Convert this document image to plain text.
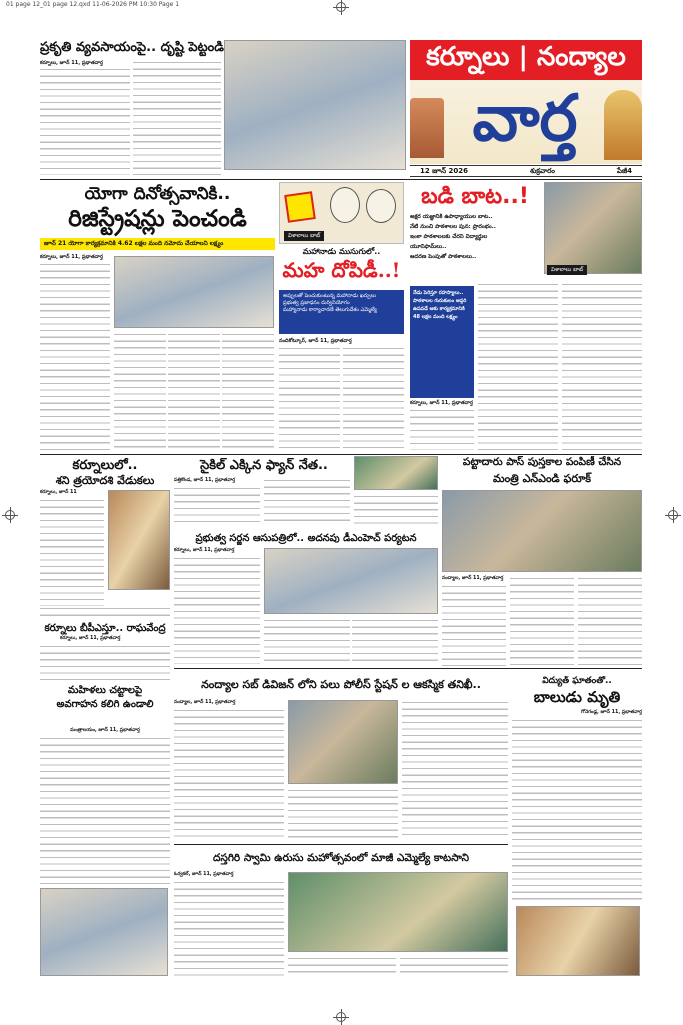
01 page 12_01 page 12.qxd 11-06-2026 PM 10:30 Page 1
ప్రకృతి వ్యవసాయంపై.. దృష్టి పెట్టండి
కర్నూలు, జూన్ 11, ప్రభాతవార్త	కర్నూలు | నంద్యాల
వార్త
12 జూన్ 2026	శుక్రవారం	పేజీ4
యోగా దినోత్సవానికి..
రిజిస్ట్రేషన్లు పెంచండి
జూన్ 21 యోగా కార్యక్రమానికి 4.62 లక్షల మంది నమోదు చేయాలని లక్ష్యం
కర్నూలు, జూన్ 11, ప్రభాతవార్త
విశాలాలు బాట్
మహానాడు ముసుగులో..
మహ దోపిడీ..!
అప్పులతో పెంచుకుంటున్న మహానాడు ఖర్చులు
ప్రభుత్వ ప్రజాధనం దుర్వినియోగం
మహ్యానాడు కార్యాచారణే తెలుగుదేశం ఎమ్మెల్యే
నందికోట్కూర్, జూన్ 11, ప్రభాతవార్త
బడి బాట..!
విశాలాలు బాట్
అక్షర యజ్ఞానికి ఉపాధ్యాయుల బాట..
నేటి నుంచి పాఠశాలల పున: ప్రారంభం..
ఇంకా పాఠశాలలకు చేరని విద్యార్థుల
యూనిఫామ్‌లు..
ఆదరణ పెంపుతో పాఠశాలలు..
నేడు పెరిస్తూ రహస్యాలు.. పాఠశాలల గురుకులం అప్గరి ఉపవడే ఆకు కార్యక్రమానికి 48 లక్షల మంది లక్ష్యం
కర్నూలు, జూన్ 11, ప్రభాతవార్త
కర్నూలులో..
శని త్రయోదశి వేడుకలు
కర్నూలు, జూన్ 11
సైకిల్ ఎక్కిన ఫ్యాన్ నేత..
పత్తికొండ, జూన్ 11, ప్రభాతవార్త
ప్రభుత్వ సర్జన ఆసుపత్రిలో.. అదనపు డీఎంహెచ్ పర్యటన
కర్నూలు, జూన్ 11, ప్రభాతవార్త
పట్టాదారు పాస్ పుస్తకాల పంపిణీ చేసిన
మంత్రి ఎన్ఎండి ఫరూక్
నంద్యాల, జూన్ 11, ప్రభాతవార్త
కర్నూలు బీపీఎస్తూ.. రాఘవేంద్ర
కర్నూలు, జూన్ 11, ప్రభాతవార్త
మహిళలు చట్టాలపై
అవగాహన కలిగి ఉండాలి
మంత్రాలయం, జూన్ 11, ప్రభాతవార్త
నంద్యాల సబ్ డివిజన్ లోని పలు పోలీస్ స్టేషన్ ల ఆకస్మిక తనిఖీ..
నంద్యాల, జూన్ 11, ప్రభాతవార్త
విద్యుత్ ఘాతంతో..
బాలుడు మృతి
గోనెగండ్ల, జూన్ 11, ప్రభాతవార్త
దస్తగిరి స్వామి ఉరుసు మహోత్సవంలో మాజీ ఎమ్మెల్యే కాటసాని
ఓర్వకల్, జూన్ 11, ప్రభాతవార్త
